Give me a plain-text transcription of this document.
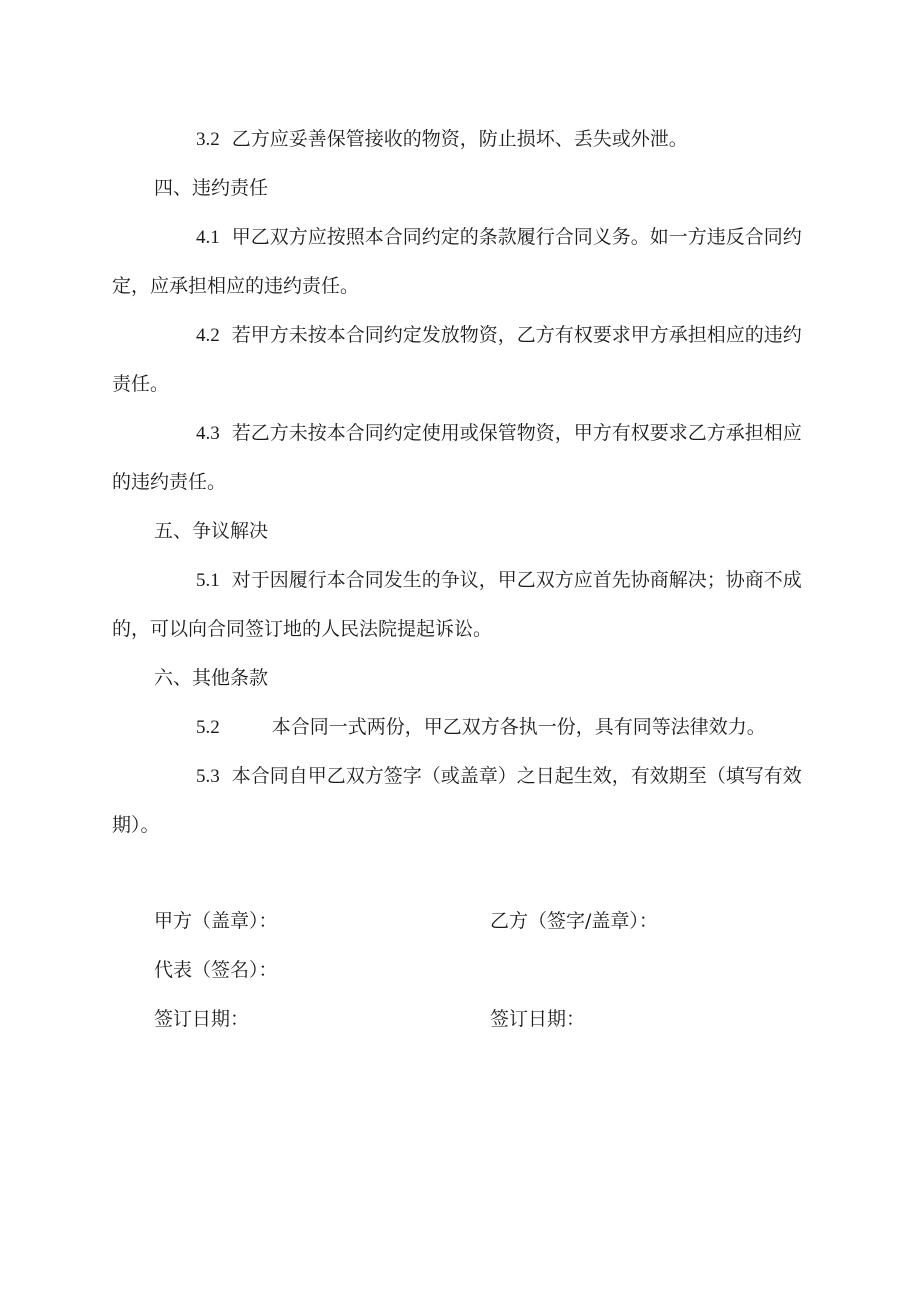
3.2 乙方应妥善保管接收的物资，防止损坏、丢失或外泄。

四、违约责任

4.1 甲乙双方应按照本合同约定的条款履行合同义务。如一方违反合同约定，应承担相应的违约责任。

4.2 若甲方未按本合同约定发放物资，乙方有权要求甲方承担相应的违约责任。

4.3 若乙方未按本合同约定使用或保管物资，甲方有权要求乙方承担相应的违约责任。

五、争议解决

5.1 对于因履行本合同发生的争议，甲乙双方应首先协商解决；协商不成的，可以向合同签订地的人民法院提起诉讼。

六、其他条款

5.2	本合同一式两份，甲乙双方各执一份，具有同等法律效力。

5.3 本合同自甲乙双方签字（或盖章）之日起生效，有效期至（填写有效期）。

甲方（盖章）：	乙方（签字/盖章）：
代表（签名）：
签订日期：	签订日期：
